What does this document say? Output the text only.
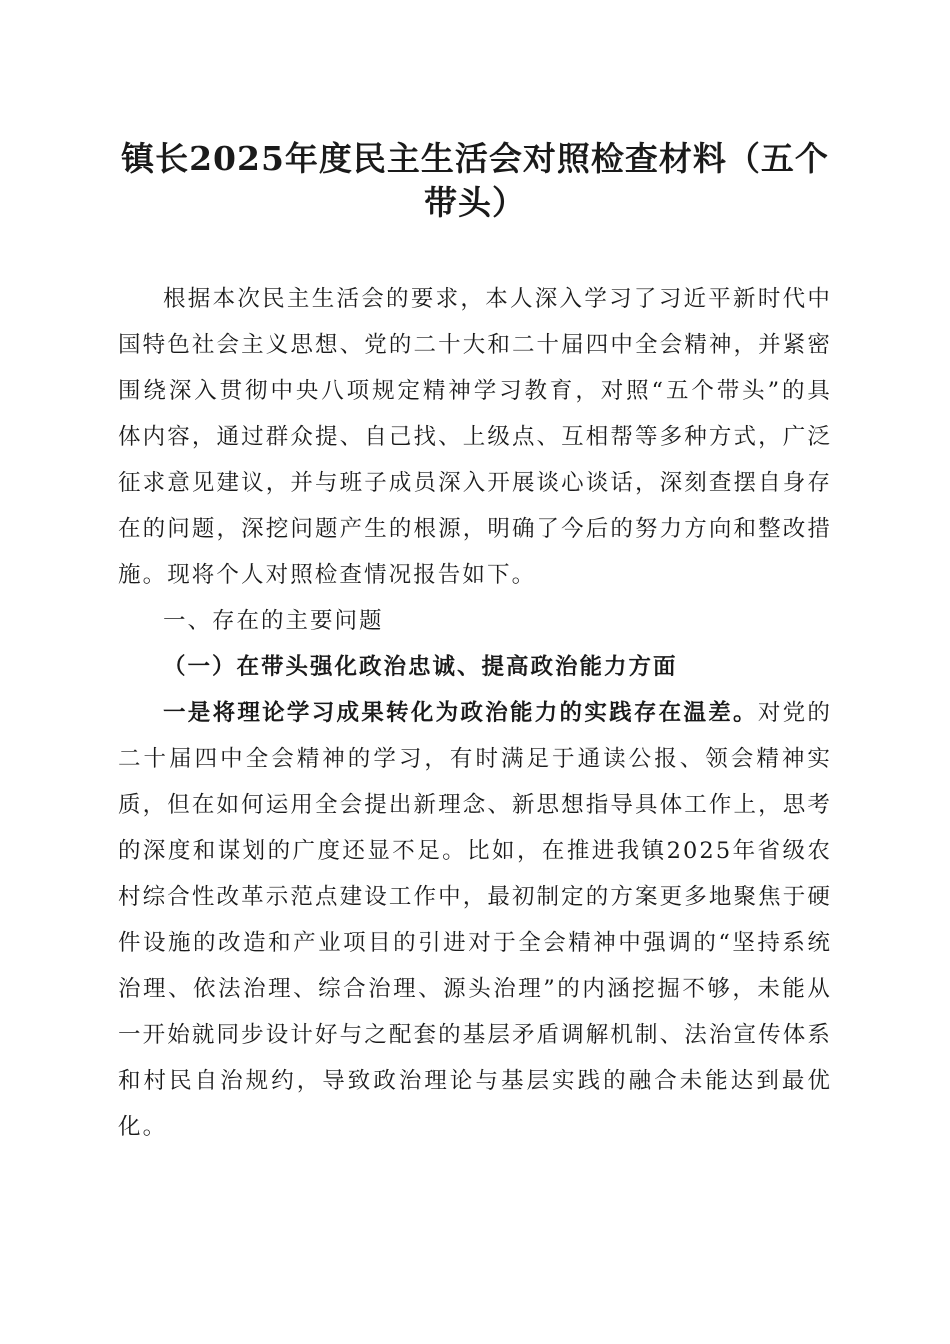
镇长2025年度民主生活会对照检查材料（五个带头）

根据本次民主生活会的要求，本人深入学习了习近平新时代中国特色社会主义思想、党的二十大和二十届四中全会精神，并紧密围绕深入贯彻中央八项规定精神学习教育，对照“五个带头”的具体内容，通过群众提、自己找、上级点、互相帮等多种方式，广泛征求意见建议，并与班子成员深入开展谈心谈话，深刻查摆自身存在的问题，深挖问题产生的根源，明确了今后的努力方向和整改措施。现将个人对照检查情况报告如下。

一、存在的主要问题

（一）在带头强化政治忠诚、提高政治能力方面

一是将理论学习成果转化为政治能力的实践存在温差。对党的二十届四中全会精神的学习，有时满足于通读公报、领会精神实质，但在如何运用全会提出新理念、新思想指导具体工作上，思考的深度和谋划的广度还显不足。比如，在推进我镇2025年省级农村综合性改革示范点建设工作中，最初制定的方案更多地聚焦于硬件设施的改造和产业项目的引进对于全会精神中强调的“坚持系统治理、依法治理、综合治理、源头治理”的内涵挖掘不够，未能从一开始就同步设计好与之配套的基层矛盾调解机制、法治宣传体系和村民自治规约，导致政治理论与基层实践的融合未能达到最优化。
